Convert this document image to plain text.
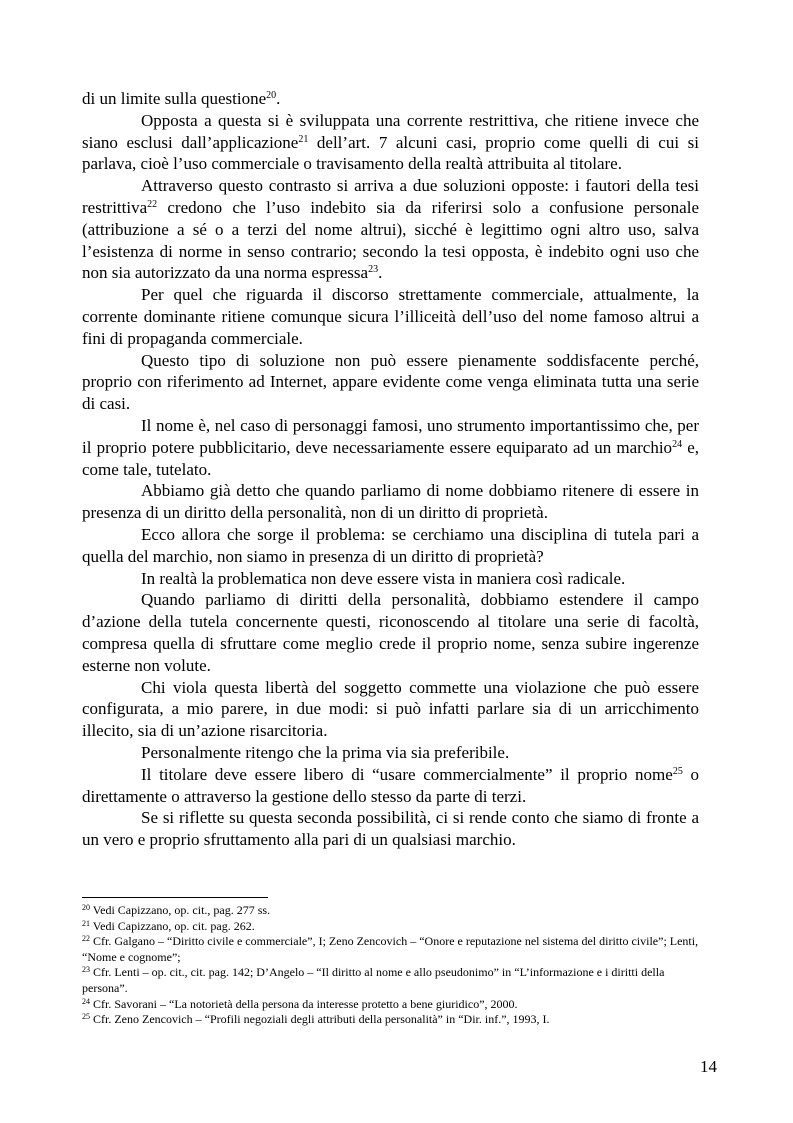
di un limite sulla questione$^{20}$.

Opposta a questa si è sviluppata una corrente restrittiva, che ritiene invece che siano esclusi dall’applicazione$^{21}$ dell’art. 7 alcuni casi, proprio come quelli di cui si parlava, cioè l’uso commerciale o travisamento della realtà attribuita al titolare.

Attraverso questo contrasto si arriva a due soluzioni opposte: i fautori della tesi restrittiva$^{22}$ credono che l’uso indebito sia da riferirsi solo a confusione personale (attribuzione a sé o a terzi del nome altrui), sicché è legittimo ogni altro uso, salva l’esistenza di norme in senso contrario; secondo la tesi opposta, è indebito ogni uso che non sia autorizzato da una norma espressa$^{23}$.

Per quel che riguarda il discorso strettamente commerciale, attualmente, la corrente dominante ritiene comunque sicura l’illiceità dell’uso del nome famoso altrui a fini di propaganda commerciale.

Questo tipo di soluzione non può essere pienamente soddisfacente perché, proprio con riferimento ad Internet, appare evidente come venga eliminata tutta una serie di casi.

Il nome è, nel caso di personaggi famosi, uno strumento importantissimo che, per il proprio potere pubblicitario, deve necessariamente essere equiparato ad un marchio$^{24}$ e, come tale, tutelato.

Abbiamo già detto che quando parliamo di nome dobbiamo ritenere di essere in presenza di un diritto della personalità, non di un diritto di proprietà.

Ecco allora che sorge il problema: se cerchiamo una disciplina di tutela pari a quella del marchio, non siamo in presenza di un diritto di proprietà?

In realtà la problematica non deve essere vista in maniera così radicale.

Quando parliamo di diritti della personalità, dobbiamo estendere il campo d’azione della tutela concernente questi, riconoscendo al titolare una serie di facoltà, compresa quella di sfruttare come meglio crede il proprio nome, senza subire ingerenze esterne non volute.

Chi viola questa libertà del soggetto commette una violazione che può essere configurata, a mio parere, in due modi: si può infatti parlare sia di un arricchimento illecito, sia di un’azione risarcitoria.

Personalmente ritengo che la prima via sia preferibile.

Il titolare deve essere libero di “usare commercialmente” il proprio nome$^{25}$ o direttamente o attraverso la gestione dello stesso da parte di terzi.

Se si riflette su questa seconda possibilità, ci si rende conto che siamo di fronte a un vero e proprio sfruttamento alla pari di un qualsiasi marchio.

$^{20}$ Vedi Capizzano, op. cit., pag. 277 ss.

$^{21}$ Vedi Capizzano, op. cit. pag. 262.

$^{22}$ Cfr. Galgano – “Diritto civile e commerciale”, I; Zeno Zencovich – “Onore e reputazione nel sistema del diritto civile”; Lenti, “Nome e cognome”;

$^{23}$ Cfr. Lenti – op. cit., cit. pag. 142; D’Angelo – “Il diritto al nome e allo pseudonimo” in “L’informazione e i diritti della persona”.

$^{24}$ Cfr. Savorani – “La notorietà della persona da interesse protetto a bene giuridico”, 2000.

$^{25}$ Cfr. Zeno Zencovich – “Profili negoziali degli attributi della personalità” in “Dir. inf.”, 1993, I.

14
